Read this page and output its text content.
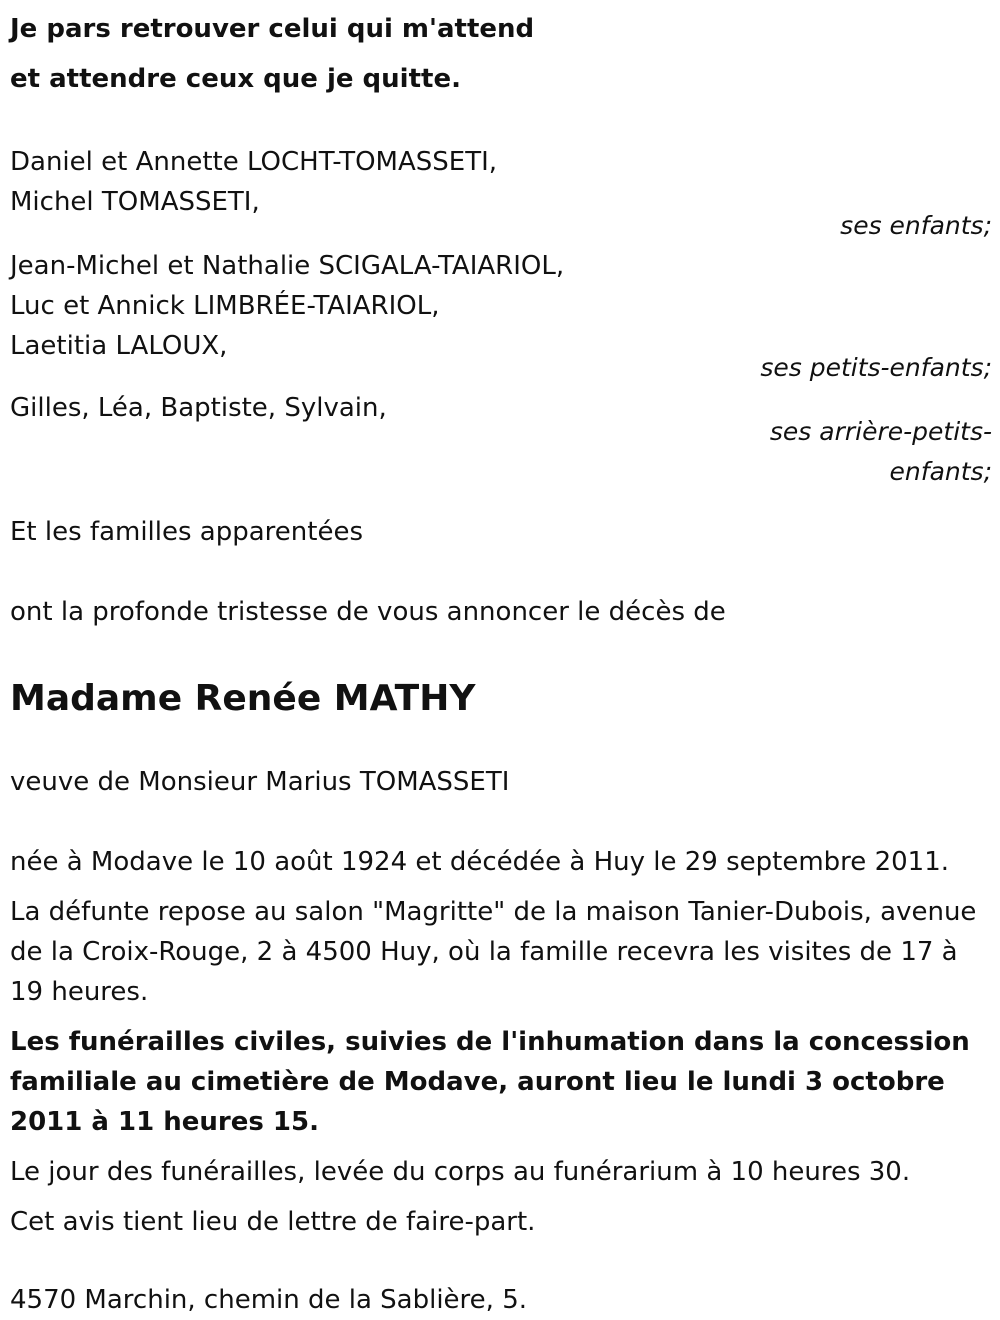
Je pars retrouver celui qui m'attend
et attendre ceux que je quitte.
Daniel et Annette LOCHT-TOMASSETI,
Michel TOMASSETI,
ses enfants;
Jean-Michel et Nathalie SCIGALA-TAIARIOL,
Luc et Annick LIMBRÉE-TAIARIOL,
Laetitia LALOUX,
ses petits-enfants;
Gilles, Léa, Baptiste, Sylvain,
ses arrière-petits-
enfants;
Et les familles apparentées
ont la profonde tristesse de vous annoncer le décès de
Madame Renée MATHY
veuve de Monsieur Marius TOMASSETI
née à Modave le 10 août 1924 et décédée à Huy le 29 septembre 2011.
La défunte repose au salon "Magritte" de la maison Tanier-Dubois, avenue de la Croix-Rouge, 2 à 4500 Huy, où la famille recevra les visites de 17 à 19 heures.
Les funérailles civiles, suivies de l'inhumation dans la concession familiale au cimetière de Modave, auront lieu le lundi 3 octobre 2011 à 11 heures 15.
Le jour des funérailles, levée du corps au funérarium à 10 heures 30.
Cet avis tient lieu de lettre de faire-part.
4570 Marchin, chemin de la Sablière, 5.
